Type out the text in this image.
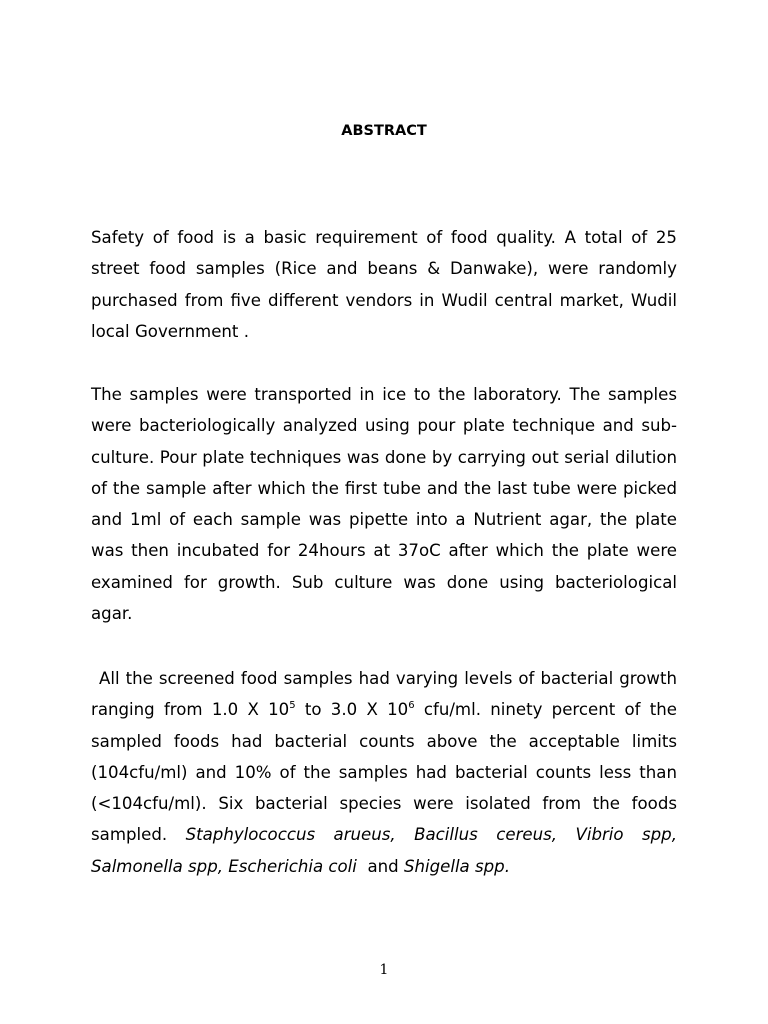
ABSTRACT

Safety of food is a basic requirement of food quality. A total of 25 street food samples (Rice and beans & Danwake), were randomly purchased from five different vendors in Wudil central market, Wudil local Government .

The samples were transported in ice to the laboratory. The samples were bacteriologically analyzed using pour plate technique and sub-culture. Pour plate techniques was done by carrying out serial dilution of the sample after which the first tube and the last tube were picked and 1ml of each sample was pipette into a Nutrient agar, the plate was then incubated for 24hours at 37oC after which the plate were examined for growth. Sub culture was done using bacteriological agar.

All the screened food samples had varying levels of bacterial growth ranging from 1.0 X $10^5$ to 3.0 X $10^6$ cfu/ml. ninety percent of the sampled foods had bacterial counts above the acceptable limits (104cfu/ml) and 10% of the samples had bacterial counts less than (<104cfu/ml). Six bacterial species were isolated from the foods sampled. Staphylococcus arueus, Bacillus cereus, Vibrio spp, Salmonella spp, Escherichia coli  and Shigella spp.

1
